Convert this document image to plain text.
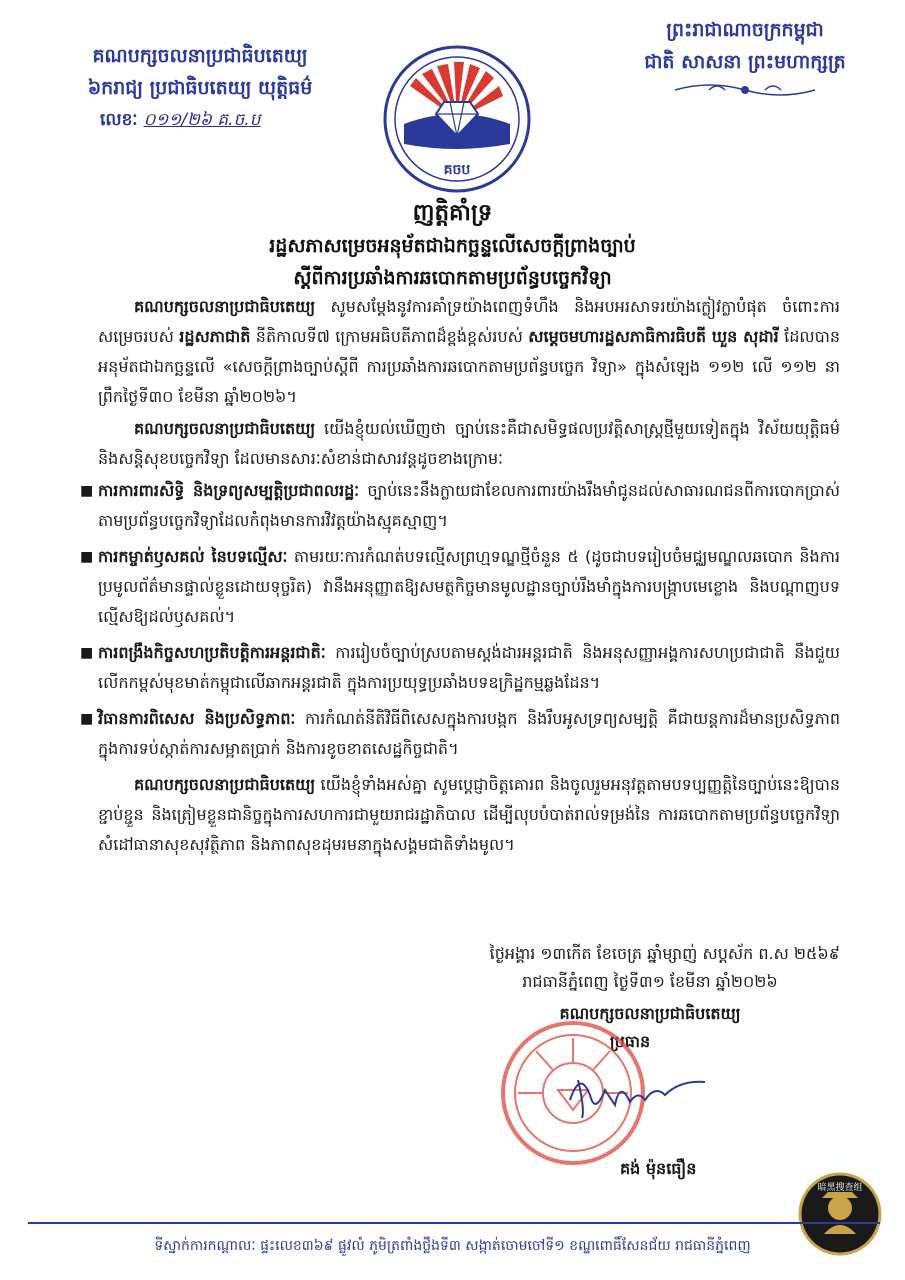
គណបក្សចលនាប្រជាធិបតេយ្យ
៦ករាជ្យ ប្រជាធិបតេយ្យ យុត្តិធម៌
លេខៈ ០១១/២៦ គ.ច.ប
ព្រះរាជាណាចក្រកម្ពុជា
ជាតិ សាសនា ព្រះមហាក្សត្រ
គចប
ញត្តិគាំទ្រ
រដ្ឋសភាសម្រេចអនុម័តជាឯកច្ឆន្ទលើសេចក្តីព្រាងច្បាប់
ស្តីពីការប្រឆាំងការឆបោកតាមប្រព័ន្ធបច្ចេកវិទ្យា

គណបក្សចលនាប្រជាធិបតេយ្យ សូមសម្តែងនូវការគាំទ្រយ៉ាងពេញទំហឹង និងអបអរសាទរយ៉ាងក្លៀវក្លាបំផុត ចំពោះការសម្រេចរបស់ រដ្ឋសភាជាតិ នីតិកាលទី៧ ក្រោមអធិបតីភាពដ៏ខ្ពង់ខ្ពស់របស់ សម្តេចមហារដ្ឋសភាធិការធិបតី ឃួន សុដារី ដែលបានអនុម័តជាឯកច្ឆន្ទលើ «សេចក្តីព្រាងច្បាប់ស្តីពី ការប្រឆាំងការឆបោកតាមប្រព័ន្ធបច្ចេក វិទ្យា» ក្នុងសំឡេង ១១២ លើ ១១២ នាព្រឹកថ្ងៃទី៣០ ខែមីនា ឆ្នាំ២០២៦។

គណបក្សចលនាប្រជាធិបតេយ្យ យើងខ្ញុំយល់ឃើញថា ច្បាប់នេះគឺជាសមិទ្ធផលប្រវត្តិសាស្ត្រថ្មីមួយទៀតក្នុង វិស័យយុត្តិធម៌ និងសន្តិសុខបច្ចេកវិទ្យា ដែលមានសារៈសំខាន់ជាសារវន្តដូចខាងក្រោមៈ

■ ការការពារសិទ្ធិ និងទ្រព្យសម្បត្តិប្រជាពលរដ្ឋៈ ច្បាប់នេះនឹងក្លាយជាខែលការពារយ៉ាងរឹងមាំជូនដល់សាធារណជនពីការបោកប្រាស់តាមប្រព័ន្ធបច្ចេកវិទ្យាដែលកំពុងមានការវិវត្តយ៉ាងស្មុគស្មាញ។
■ ការកម្ចាត់ឫសគល់ នៃបទល្មើសៈ តាមរយៈការកំណត់បទល្មើសព្រហ្មទណ្ឌថ្មីចំនួន ៥ (ដូចជាបទរៀបចំមជ្ឈមណ្ឌលឆបោក និងការប្រមូលព័ត៌មានផ្ទាល់ខ្លួនដោយទុច្ចរិត) វានឹងអនុញ្ញាតឱ្យសមត្ថកិច្ចមានមូលដ្ឋានច្បាប់រឹងមាំក្នុងការបង្ក្រាបមេខ្លោង និងបណ្តាញបទល្មើសឱ្យដល់ឫសគល់។
■ ការពង្រឹងកិច្ចសហប្រតិបត្តិការអន្តរជាតិៈ ការរៀបចំច្បាប់ស្របតាមស្តង់ដារអន្តរជាតិ និងអនុសញ្ញាអង្គការសហប្រជាជាតិ នឹងជួយលើកកម្ពស់មុខមាត់កម្ពុជាលើឆាកអន្តរជាតិ ក្នុងការប្រយុទ្ធប្រឆាំងបទឧក្រិដ្ឋកម្មឆ្លងដែន។
■ វិធានការពិសេស និងប្រសិទ្ធភាពៈ ការកំណត់នីតិវិធីពិសេសក្នុងការបង្កក និងរឹបអូសទ្រព្យសម្បត្តិ គឺជាយន្តការដ៏មានប្រសិទ្ធភាពក្នុងការទប់ស្កាត់ការសម្អាតប្រាក់ និងការខូចខាតសេដ្ឋកិច្ចជាតិ។

គណបក្សចលនាប្រជាធិបតេយ្យ យើងខ្ញុំទាំងអស់គ្នា សូមប្តេជ្ញាចិត្តគោរព និងចូលរួមអនុវត្តតាមបទប្បញ្ញត្តិនៃច្បាប់នេះឱ្យបានខ្ជាប់ខ្ជួន និងត្រៀមខ្លួនជានិច្ចក្នុងការសហការជាមួយរាជរដ្ឋាភិបាល ដើម្បីលុបបំបាត់រាល់ទម្រង់នៃ ការឆបោកតាមប្រព័ន្ធបច្ចេកវិទ្យា សំដៅធានាសុខសុវត្ថិភាព និងភាពសុខដុមរមនាក្នុងសង្គមជាតិទាំងមូល។

ថ្ងៃអង្គារ ១៣កើត ខែចេត្រ ឆ្នាំម្សាញ់ សប្តស័ក ព.ស ២៥៦៩
រាជធានីភ្នំពេញ ថ្ងៃទី៣១ ខែមីនា ឆ្នាំ២០២៦
គណបក្សចលនាប្រជាធិបតេយ្យ
ប្រធាន
គង់ ម៉ុនធឿន
暗黑搜查组
ទីស្នាក់ការកណ្តាលៈ ផ្ទះលេខ៣៦៩ ផ្លូវលំ ភូមិត្រពាំងថ្លឹងទី៣ សង្កាត់ចោមចៅទី១ ខណ្ឌពោធិ៍សែនជ័យ រាជធានីភ្នំពេញ
